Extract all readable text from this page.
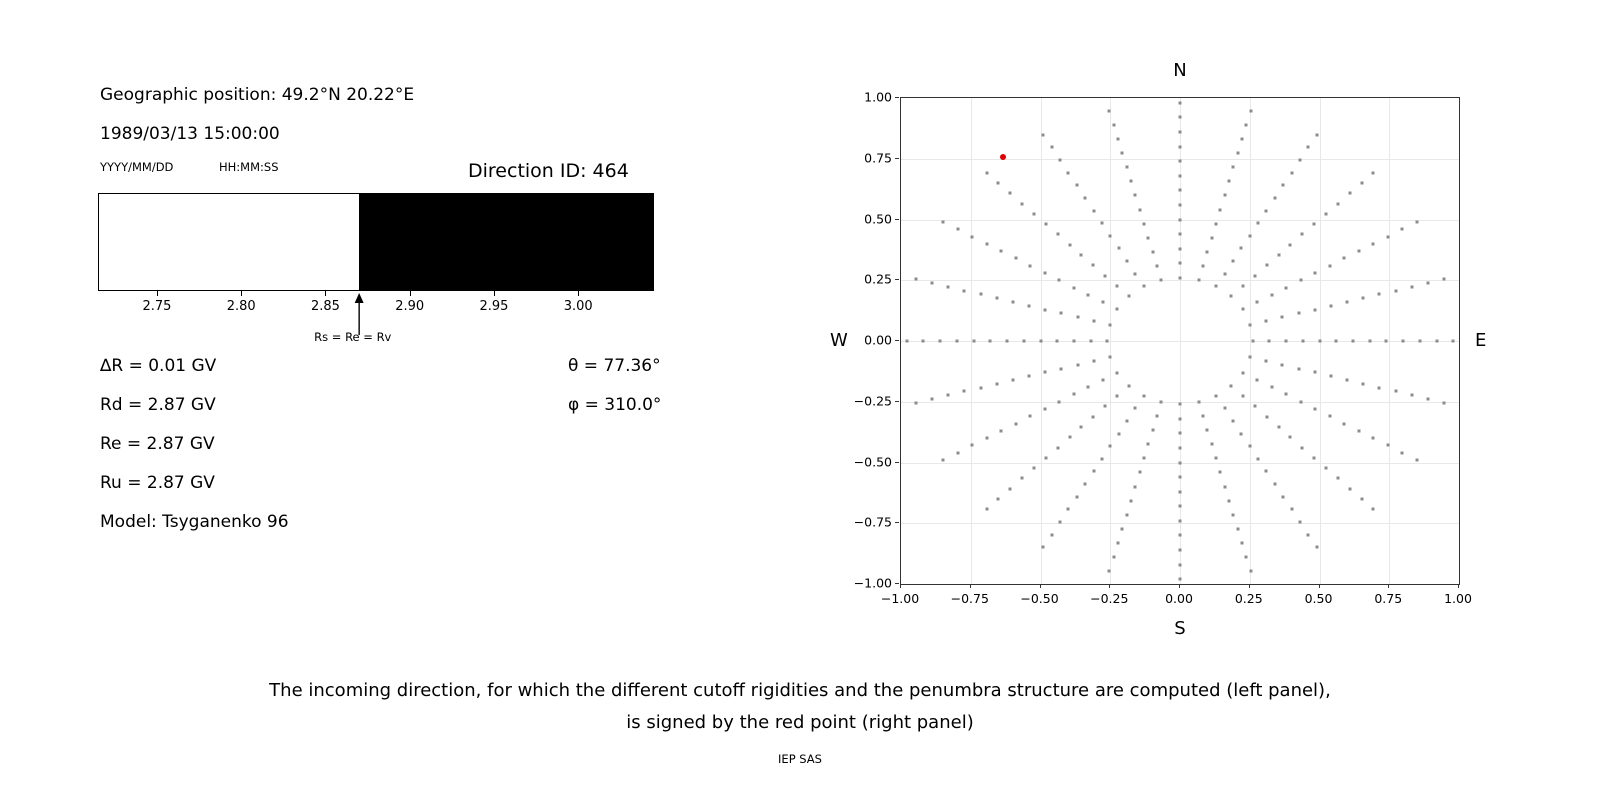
Geographic position: 49.2°N 20.22°E
1989/03/13 15:00:00
YYYY/MM/DD	HH:MM:SS	Direction ID: 464
2.75	2.80	2.85	2.90	2.95	3.00
Rs = Re = Rv
∆R = 0.01 GV
Rd = 2.87 GV
Re = 2.87 GV
Ru = 2.87 GV
Model: Tsyganenko 96
θ = 77.36°
φ = 310.0°
N
S
W	E
−1.00	−0.75	−0.50	−0.25	0.00	0.25	0.50	0.75	1.00
−1.00
−0.75
−0.50
−0.25
0.00
0.25
0.50
0.75
1.00
The incoming direction, for which the different cutoff rigidities and the penumbra structure are computed (left panel),
is signed by the red point (right panel)
IEP SAS
